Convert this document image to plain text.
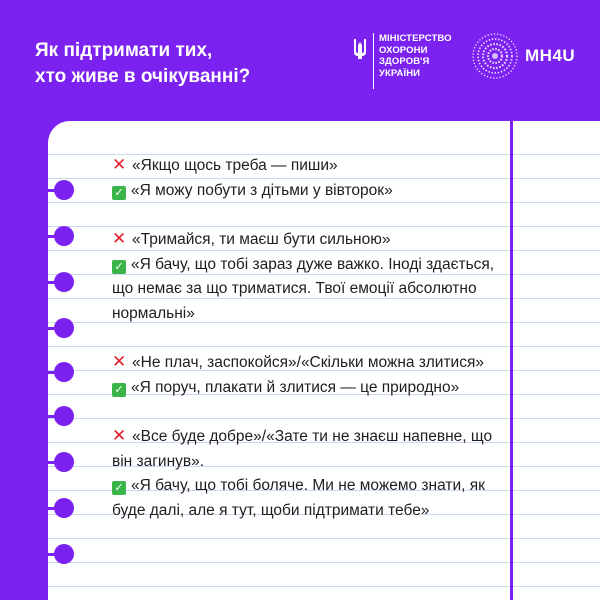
Як підтримати тих,
хто живе в очікуванні?
МІНІСТЕРСТВО
ОХОРОНИ
ЗДОРОВ'Я
УКРАЇНИ
MH4U
✕ «Якщо щось треба — пиши»
✓ «Я можу побути з дітьми у вівторок»
✕ «Тримайся, ти маєш бути сильною»
✓ «Я бачу, що тобі зараз дуже важко. Іноді здається, що немає за що триматися. Твої емоції абсолютно нормальні»
✕ «Не плач, заспокойся»/«Скільки можна злитися»
✓ «Я поруч, плакати й злитися — це природно»
✕ «Все буде добре»/«Зате ти не знаєш напевне, що він загинув».
✓ «Я бачу, що тобі боляче. Ми не можемо знати, як буде далі, але я тут, щоби підтримати тебе»
